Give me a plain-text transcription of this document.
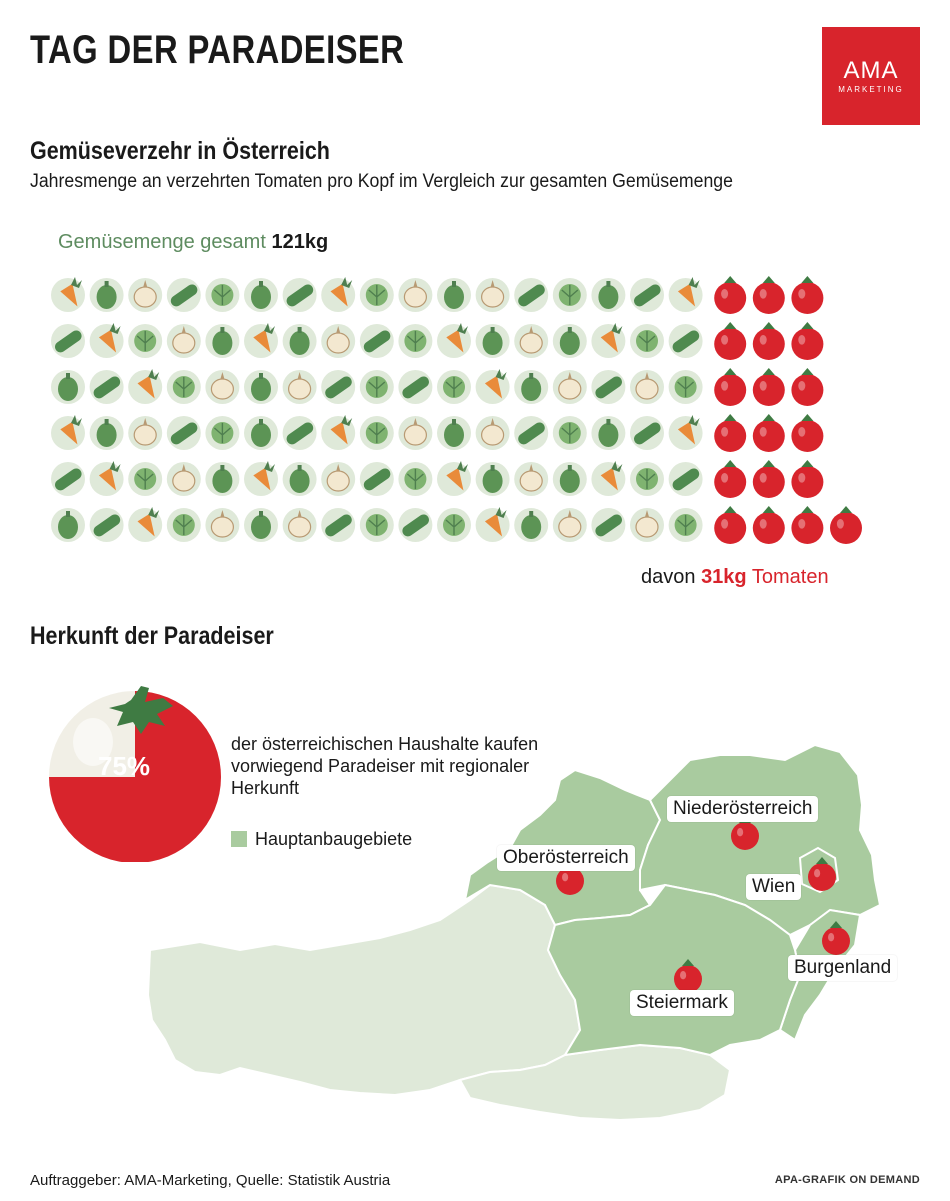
TAG DER PARADEISER	AMA
MARKETING
Gemüseverzehr in Österreich
Jahresmenge an verzehrten Tomaten pro Kopf im Vergleich zur gesamten Gemüsemenge
Gemüsemenge gesamt 121kg
davon 31kg Tomaten
Herkunft der Paradeiser
Niederösterreich
Oberösterreich
Wien
Burgenland
Steiermark
75%
der österreichischen Haushalte kaufen vorwiegend Paradeiser mit regionaler Herkunft
Hauptanbaugebiete
Auftraggeber: AMA-Marketing, Quelle: Statistik Austria	APA-GRAFIK ON DEMAND
